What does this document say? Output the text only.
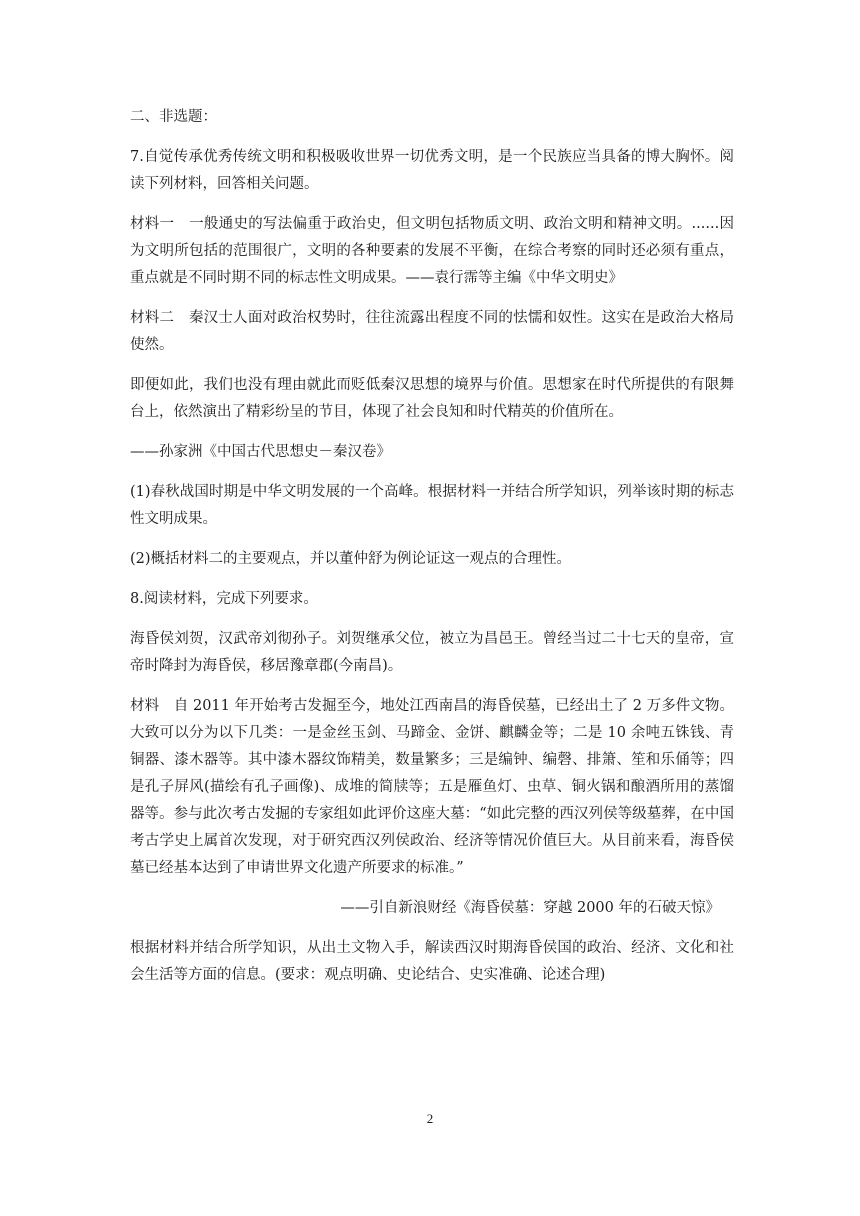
二、非选题：

7.自觉传承优秀传统文明和积极吸收世界一切优秀文明，是一个民族应当具备的博大胸怀。阅读下列材料，回答相关问题。

材料一　一般通史的写法偏重于政治史，但文明包括物质文明、政治文明和精神文明。......因为文明所包括的范围很广，文明的各种要素的发展不平衡，在综合考察的同时还必须有重点，重点就是不同时期不同的标志性文明成果。——袁行霈等主编《中华文明史》

材料二　秦汉士人面对政治权势时，往往流露出程度不同的怯懦和奴性。这实在是政治大格局使然。

即便如此，我们也没有理由就此而贬低秦汉思想的境界与价值。思想家在时代所提供的有限舞台上，依然演出了精彩纷呈的节目，体现了社会良知和时代精英的价值所在。

——孙家洲《中国古代思想史－秦汉卷》

(1)春秋战国时期是中华文明发展的一个高峰。根据材料一并结合所学知识，列举该时期的标志性文明成果。

(2)概括材料二的主要观点，并以董仲舒为例论证这一观点的合理性。

8.阅读材料，完成下列要求。

海昏侯刘贺，汉武帝刘彻孙子。刘贺继承父位，被立为昌邑王。曾经当过二十七天的皇帝，宣帝时降封为海昏侯，移居豫章郡(今南昌)。

材料　自 2011 年开始考古发掘至今，地处江西南昌的海昏侯墓，已经出土了 2 万多件文物。大致可以分为以下几类：一是金丝玉剑、马蹄金、金饼、麒麟金等；二是 10 余吨五铢钱、青铜器、漆木器等。其中漆木器纹饰精美，数量繁多；三是编钟、编磬、排箫、笙和乐俑等；四是孔子屏风(描绘有孔子画像)、成堆的简牍等；五是雁鱼灯、虫草、铜火锅和酿酒所用的蒸馏器等。参与此次考古发掘的专家组如此评价这座大墓：“如此完整的西汉列侯等级墓葬，在中国考古学史上属首次发现，对于研究西汉列侯政治、经济等情况价值巨大。从目前来看，海昏侯墓已经基本达到了申请世界文化遗产所要求的标准。”

——引自新浪财经《海昏侯墓：穿越 2000 年的石破天惊》

根据材料并结合所学知识，从出土文物入手，解读西汉时期海昏侯国的政治、经济、文化和社会生活等方面的信息。(要求：观点明确、史论结合、史实准确、论述合理)

2
